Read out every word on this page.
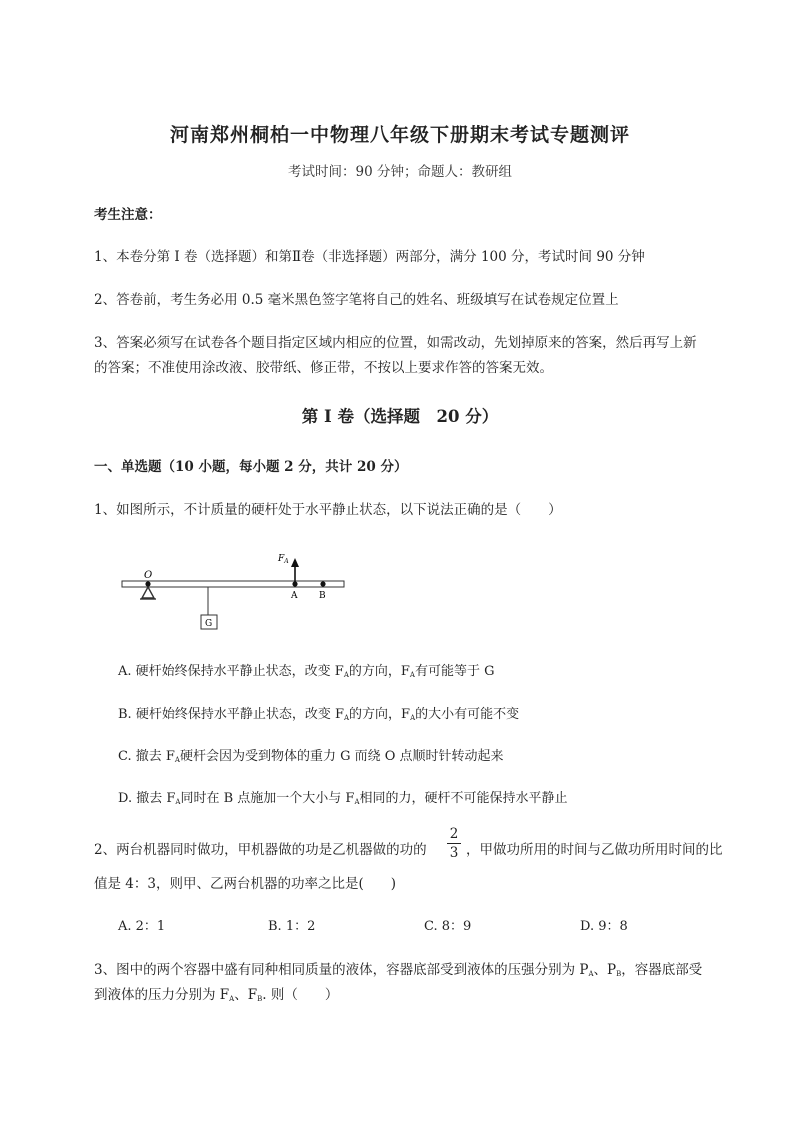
河南郑州桐柏一中物理八年级下册期末考试专题测评
考试时间：90 分钟；命题人：教研组
考生注意：
1、本卷分第 I 卷（选择题）和第Ⅱ卷（非选择题）两部分，满分 100 分，考试时间 90 分钟
2、答卷前，考生务必用 0.5 毫米黑色签字笔将自己的姓名、班级填写在试卷规定位置上
3、答案必须写在试卷各个题目指定区域内相应的位置，如需改动，先划掉原来的答案，然后再写上新
的答案；不准使用涂改液、胶带纸、修正带，不按以上要求作答的答案无效。
第 I 卷（选择题　20 分）
一、单选题（10 小题，每小题 2 分，共计 20 分）
1、如图所示，不计质量的硬杆处于水平静止状态，以下说法正确的是（　　）
O
G
$F_A$
A B
A. 硬杆始终保持水平静止状态，改变 $F_A$的方向，$F_A$有可能等于 G
B. 硬杆始终保持水平静止状态，改变 $F_A$的方向，$F_A$的大小有可能不变
C. 撤去 $F_A$硬杆会因为受到物体的重力 G 而绕 O 点顺时针转动起来
D. 撤去 $F_A$同时在 B 点施加一个大小与 $F_A$相同的力，硬杆不可能保持水平静止
2、两台机器同时做功，甲机器做的功是乙机器做的功的
2
3 ，甲做功所用的时间与乙做功所用时间的比
值是 4：3，则甲、乙两台机器的功率之比是(　　)
A. 2：1	B. 1：2	C. 8：9	D. 9：8
3、图中的两个容器中盛有同种相同质量的液体，容器底部受到液体的压强分别为 $P_A$、$P_B$，容器底部受
到液体的压力分别为 $F_A$、$F_B$. 则（　　）
